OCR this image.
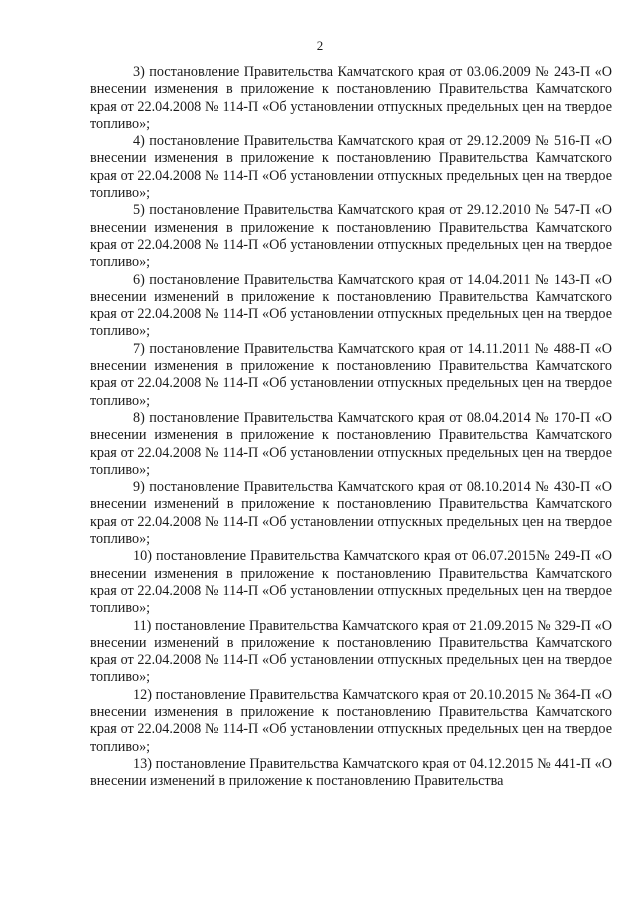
2

3) постановление Правительства Камчатского края от 03.06.2009 № 243-П «О внесении изменения в приложение к постановлению Правительства Камчатского края от 22.04.2008 № 114-П «Об установлении отпускных предельных цен на твердое топливо»;

4) постановление Правительства Камчатского края от 29.12.2009 № 516-П «О внесении изменения в приложение к постановлению Правительства Камчатского края от 22.04.2008 № 114-П «Об установлении отпускных предельных цен на твердое топливо»;

5) постановление Правительства Камчатского края от 29.12.2010 № 547-П «О внесении изменения в приложение к постановлению Правительства Камчатского края от 22.04.2008 № 114-П «Об установлении отпускных предельных цен на твердое топливо»;

6) постановление Правительства Камчатского края от 14.04.2011 № 143-П «О внесении изменений в приложение к постановлению Правительства Камчатского края от 22.04.2008 № 114-П «Об установлении отпускных предельных цен на твердое топливо»;

7) постановление Правительства Камчатского края от 14.11.2011 № 488-П «О внесении изменения в приложение к постановлению Правительства Камчатского края от 22.04.2008 № 114-П «Об установлении отпускных предельных цен на твердое топливо»;

8) постановление Правительства Камчатского края от 08.04.2014 № 170-П «О внесении изменения в приложение к постановлению Правительства Камчатского края от 22.04.2008 № 114-П «Об установлении отпускных предельных цен на твердое топливо»;

9) постановление Правительства Камчатского края от 08.10.2014 № 430-П «О внесении изменений в приложение к постановлению Правительства Камчатского края от 22.04.2008 № 114-П «Об установлении отпускных предельных цен на твердое топливо»;

10) постановление Правительства Камчатского края от 06.07.2015№ 249-П «О внесении изменения в приложение к постановлению Правительства Камчатского края от 22.04.2008 № 114-П «Об установлении отпускных предельных цен на твердое топливо»;

11) постановление Правительства Камчатского края от 21.09.2015 № 329-П «О внесении изменений в приложение к постановлению Правительства Камчатского края от 22.04.2008 № 114-П «Об установлении отпускных предельных цен на твердое топливо»;

12) постановление Правительства Камчатского края от 20.10.2015 № 364-П «О внесении изменения в приложение к постановлению Правительства Камчатского края от 22.04.2008 № 114-П «Об установлении отпускных предельных цен на твердое топливо»;

13) постановление Правительства Камчатского края от 04.12.2015 № 441-П «О внесении изменений в приложение к постановлению Правительства
